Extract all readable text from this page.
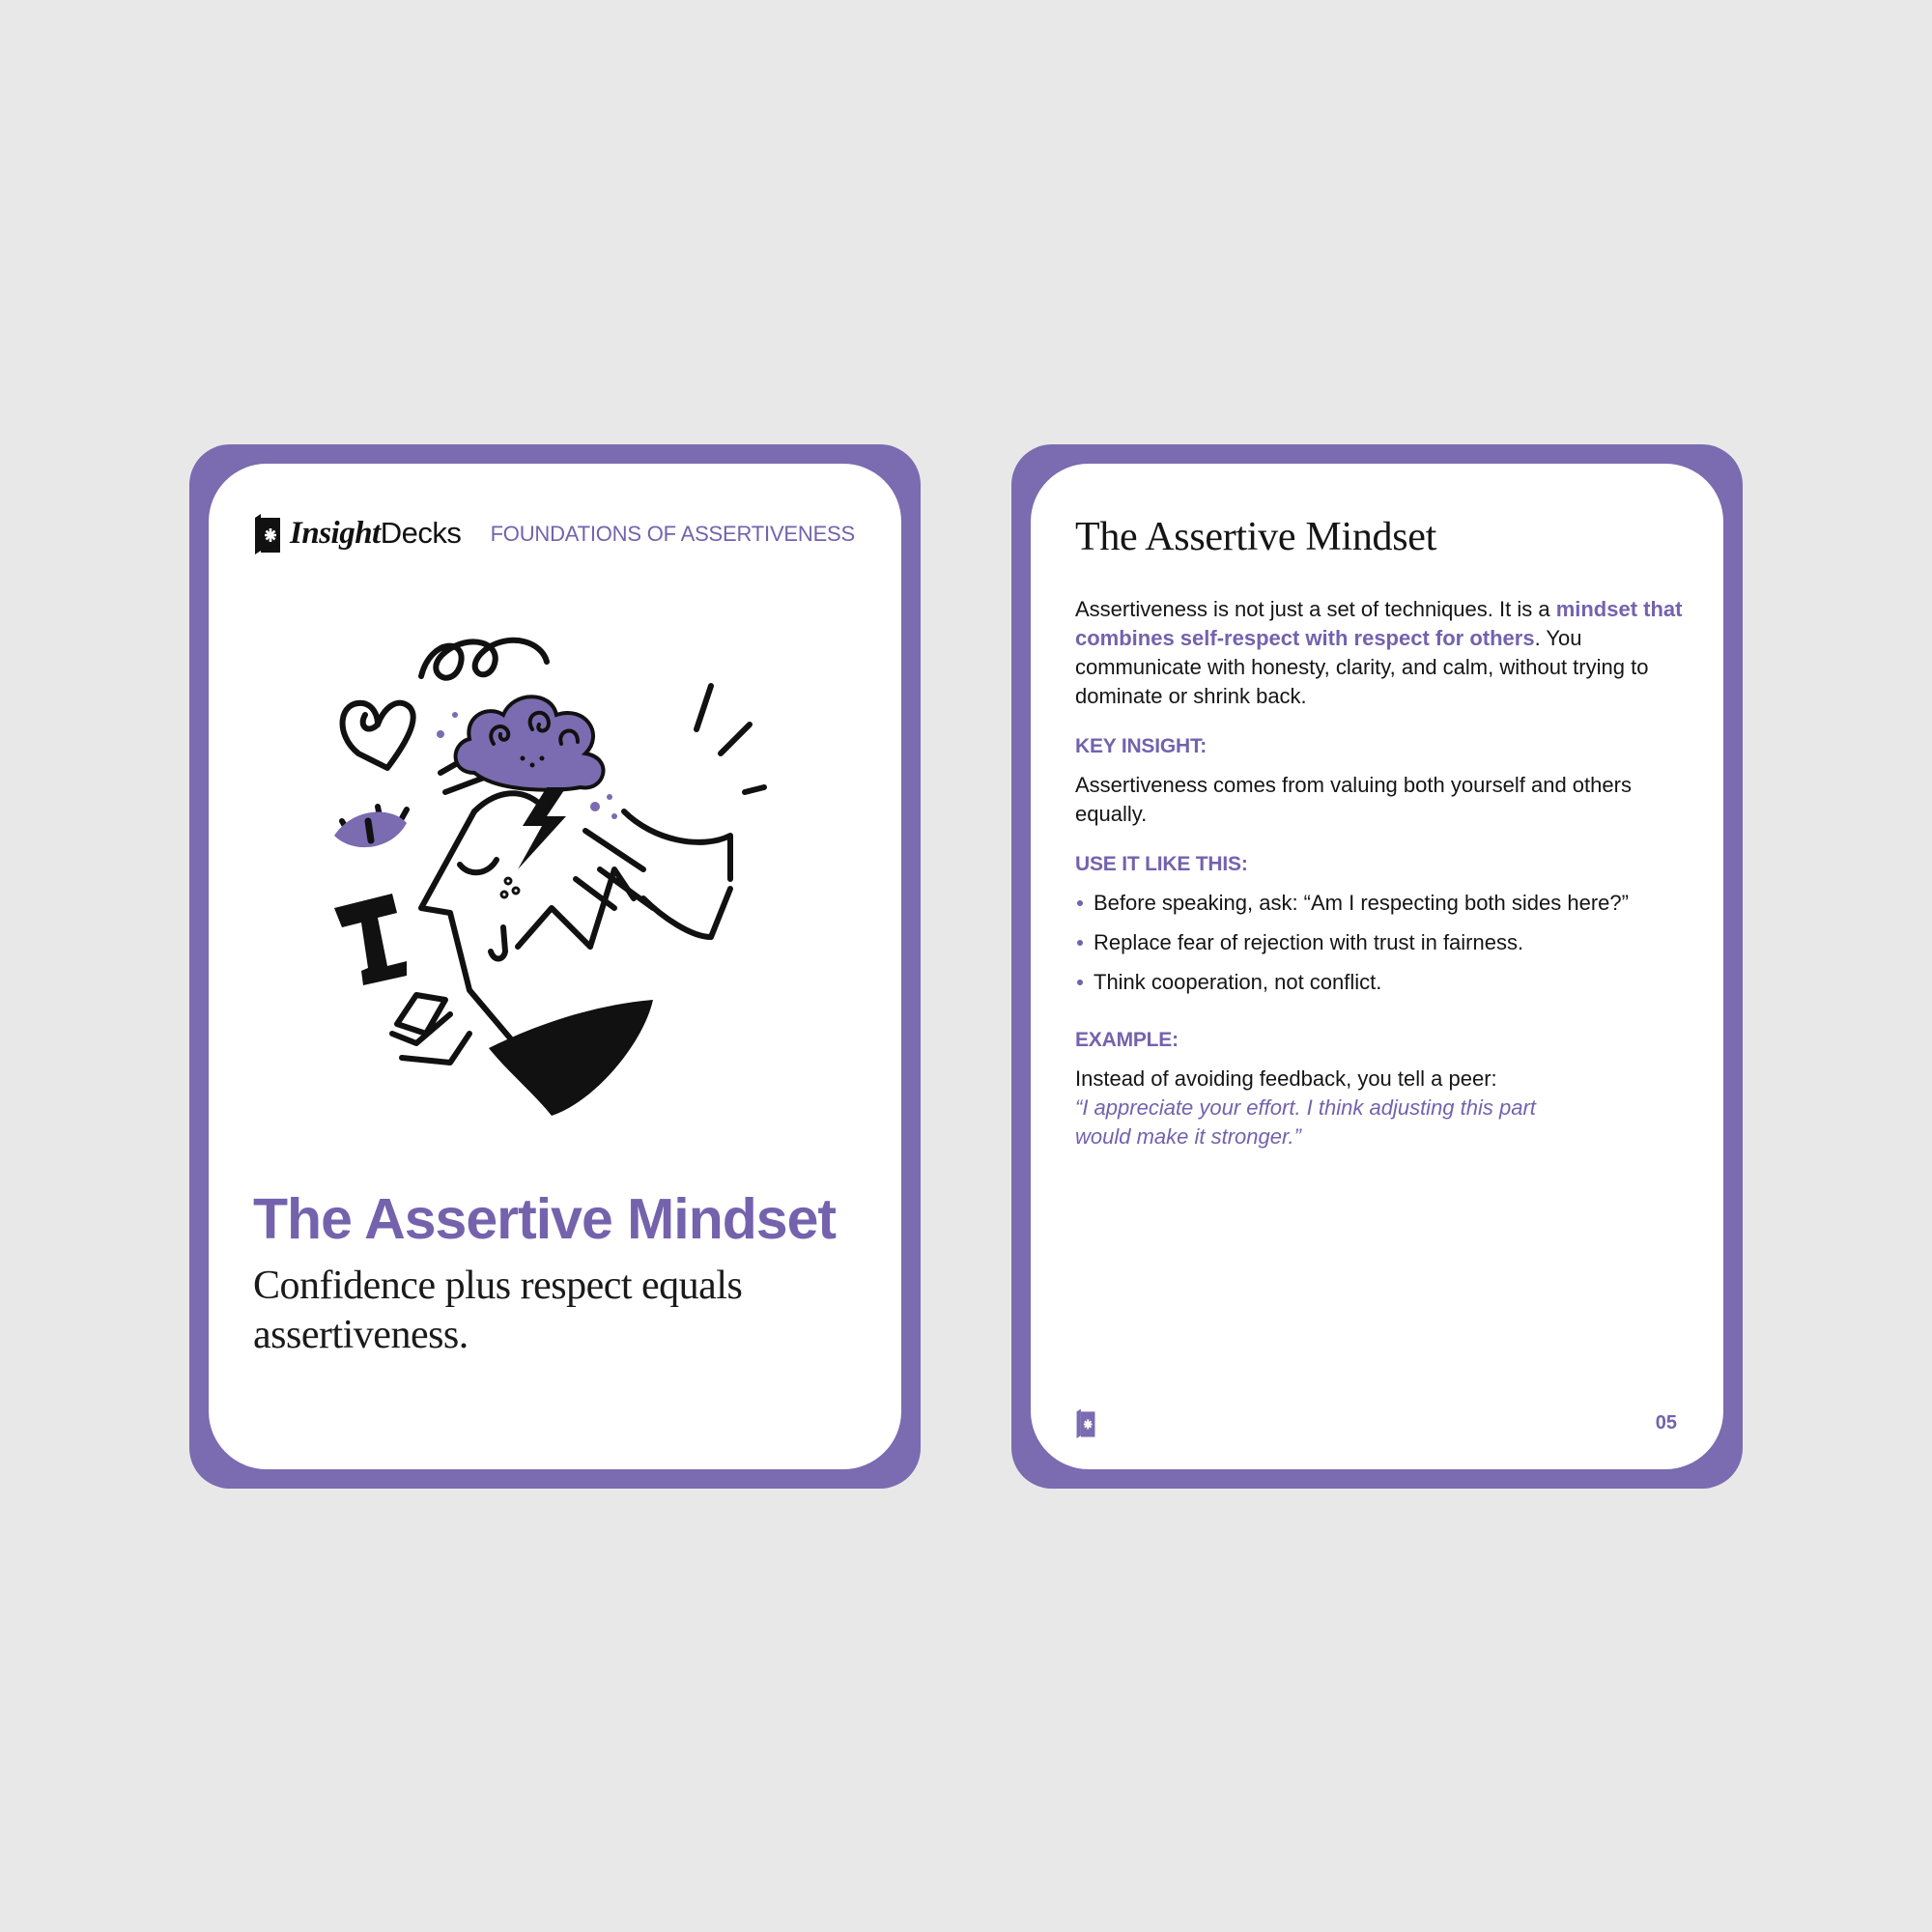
InsightDecks FOUNDATIONS OF ASSERTIVENESS
The Assertive Mindset

Confidence plus respect equals assertiveness.

The Assertive Mindset

Assertiveness is not just a set of techniques. It is a mindset that combines self-respect with respect for others. You communicate with honesty, clarity, and calm, without trying to dominate or shrink back.

KEY INSIGHT:

Assertiveness comes from valuing both yourself and others equally.

USE IT LIKE THIS:
Before speaking, ask: “Am I respecting both sides here?”
Replace fear of rejection with trust in fairness.
Think cooperation, not conflict.
EXAMPLE:

Instead of avoiding feedback, you tell a peer:

“I appreciate your effort. I think adjusting this part would make it stronger.”

05
